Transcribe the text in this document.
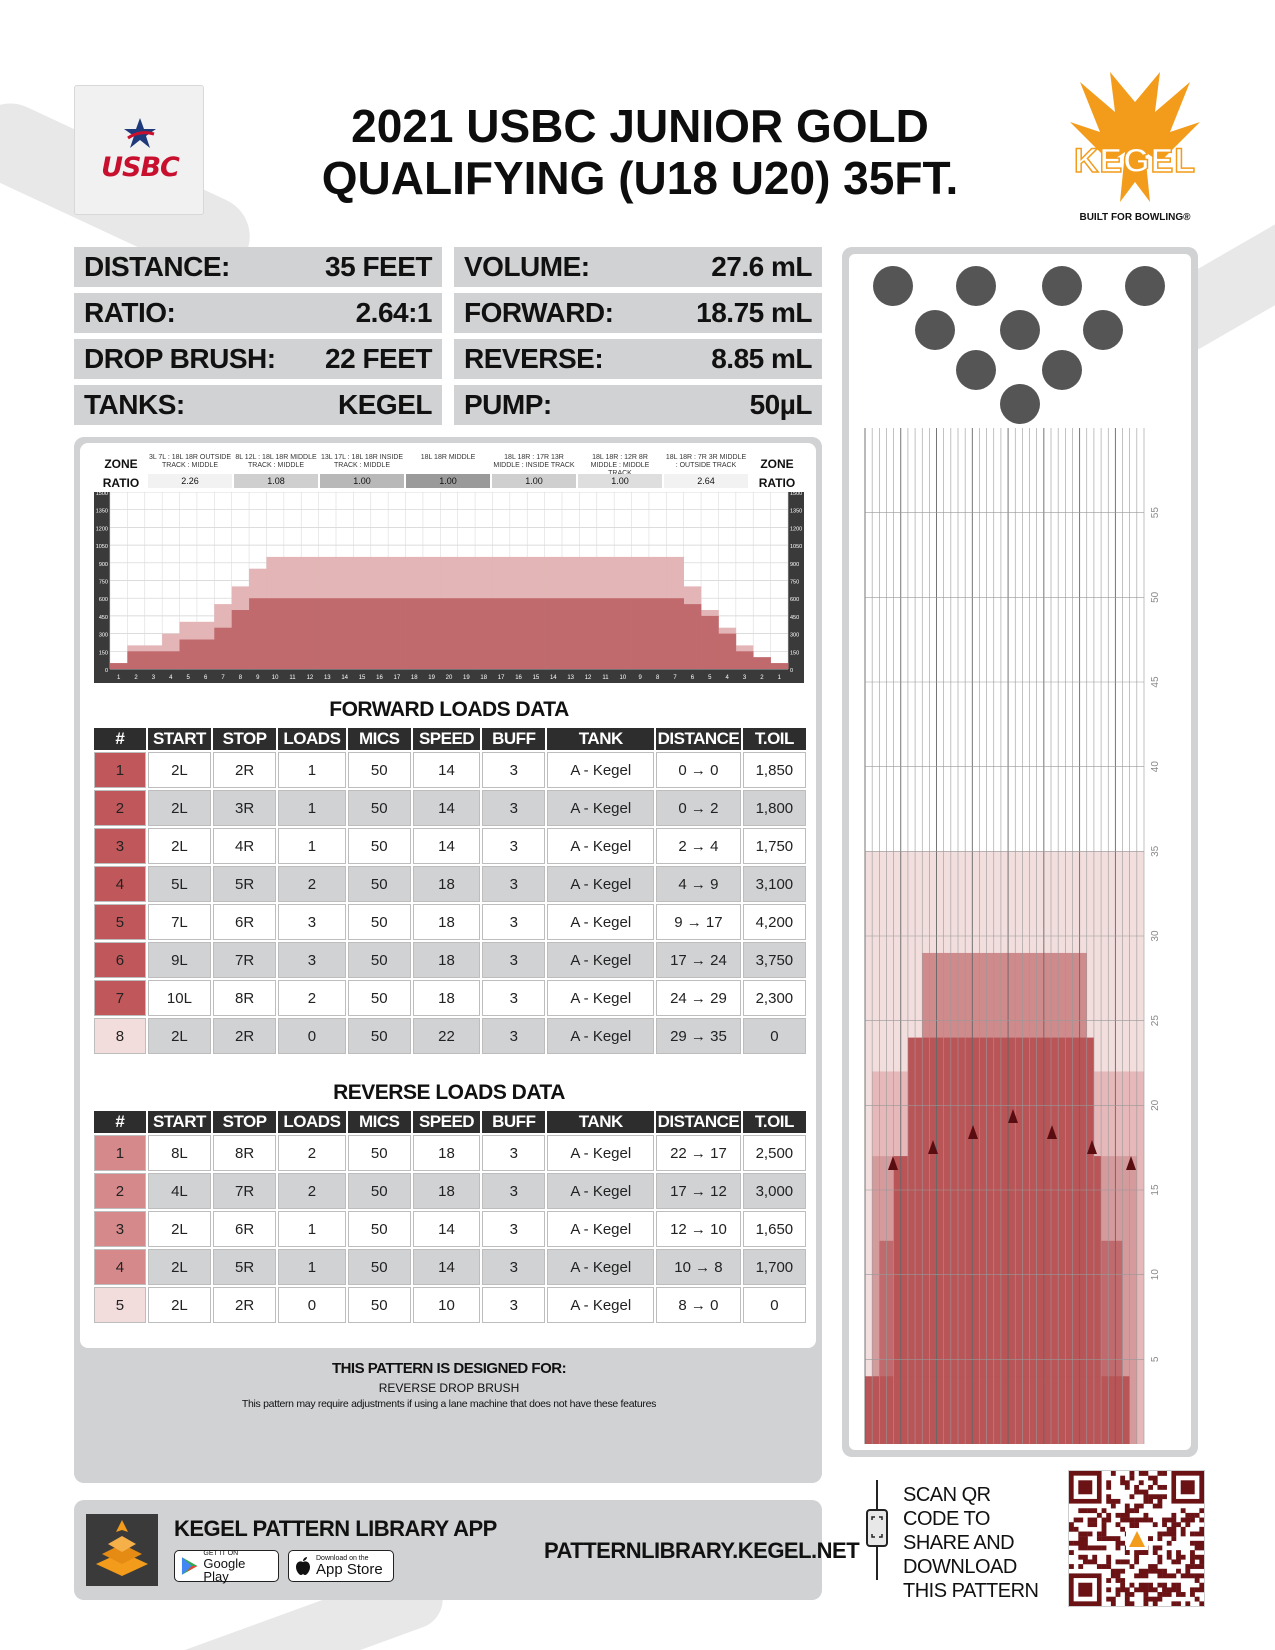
USBC
2021 USBC JUNIOR GOLD
QUALIFYING (U18 U20) 35FT.	KEGEL
BUILT FOR BOWLING®
DISTANCE:	35 FEET
RATIO:	2.64:1
DROP BRUSH: 22 FEET
TANKS:	KEGEL
VOLUME:	27.6 mL
FORWARD:	18.75 mL
REVERSE:	8.85 mL
PUMP:	50µL
ZONE
RATIO
ZONE
RATIO
3L 7L : 18L 18R OUTSIDE TRACK : MIDDLE
2.26
8L 12L : 18L 18R MIDDLE TRACK : MIDDLE
1.08
13L 17L : 18L 18R INSIDE TRACK : MIDDLE
1.00
18L 18R MIDDLE
1.00
18L 18R : 17R 13R MIDDLE : INSIDE TRACK
1.00
18L 18R : 12R 8R MIDDLE : MIDDLE
1.00
18L 18R : 7R 3R MIDDLE : OUTSIDE TRACK
2.64
0	0
150	150
300	300
450	450
600	600
750	750
900	900
1050	1050
1200	1200
1350	1350
1500	1500
1 2 3 4 5 6 7 8 9 10 11 12 13 14 15 16 17 18 19 20 19 18 17 16 15 14 13 12 11 10 9 8 7 6 5 4 3 2 1
FORWARD LOADS DATA
#	START	STOP	LOADS	MICS	SPEED	BUFF	TANK	DISTANCE	T.OIL
1	2L	2R	1	50	14	3	A - Kegel	0 → 0	1,850
2	2L	3R	1	50	14	3	A - Kegel	0 → 2	1,800
3	2L	4R	1	50	14	3	A - Kegel	2 → 4	1,750
4	5L	5R	2	50	18	3	A - Kegel	4 → 9	3,100
5	7L	6R	3	50	18	3	A - Kegel	9 → 17	4,200
6	9L	7R	3	50	18	3	A - Kegel	17 → 24	3,750
7	10L	8R	2	50	18	3	A - Kegel	24 → 29	2,300
8	2L	2R	0	50	22	3	A - Kegel	29 → 35	0
REVERSE LOADS DATA
#	START	STOP	LOADS	MICS	SPEED	BUFF	TANK	DISTANCE	T.OIL
1	8L	8R	2	50	18	3	A - Kegel	22 → 17	2,500
2	4L	7R	2	50	18	3	A - Kegel	17 → 12	3,000
3	2L	6R	1	50	14	3	A - Kegel	12 → 10	1,650
4	2L	5R	1	50	14	3	A - Kegel	10 → 8	1,700
5	2L	2R	0	50	10	3	A - Kegel	8 → 0	0
THIS PATTERN IS DESIGNED FOR:
REVERSE DROP BRUSH
This pattern may require adjustments if using a lane machine that does not have these features
55
50
45
40
35
30
25
20
15
10
5
KEGEL PATTERN LIBRARY APP
GET IT ON
Google Play
Download on the
App Store
PATTERNLIBRARY.KEGEL.NET
SCAN QR CODE TO SHARE AND DOWNLOAD THIS PATTERN
